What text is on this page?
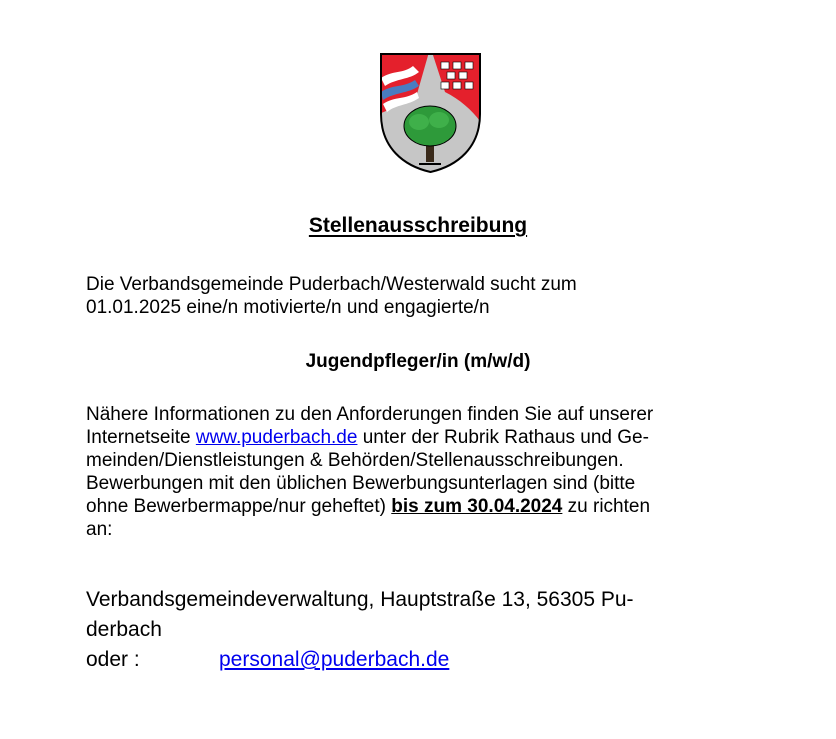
Stellenausschreibung
Die Verbandsgemeinde Puderbach/Westerwald sucht zum
01.01.2025 eine/n motivierte/n und engagierte/n
Jugendpfleger/in (m/w/d)
Nähere Informationen zu den Anforderungen finden Sie auf unserer
Internetseite www.puderbach.de unter der Rubrik Rathaus und Ge-
meinden/Dienstleistungen & Behörden/Stellenausschreibungen.
Bewerbungen mit den üblichen Bewerbungsunterlagen sind (bitte
ohne Bewerbermappe/nur geheftet) bis zum 30.04.2024 zu richten
an:
Verbandsgemeindeverwaltung, Hauptstraße 13, 56305 Pu-
derbach
oder :	personal@puderbach.de
